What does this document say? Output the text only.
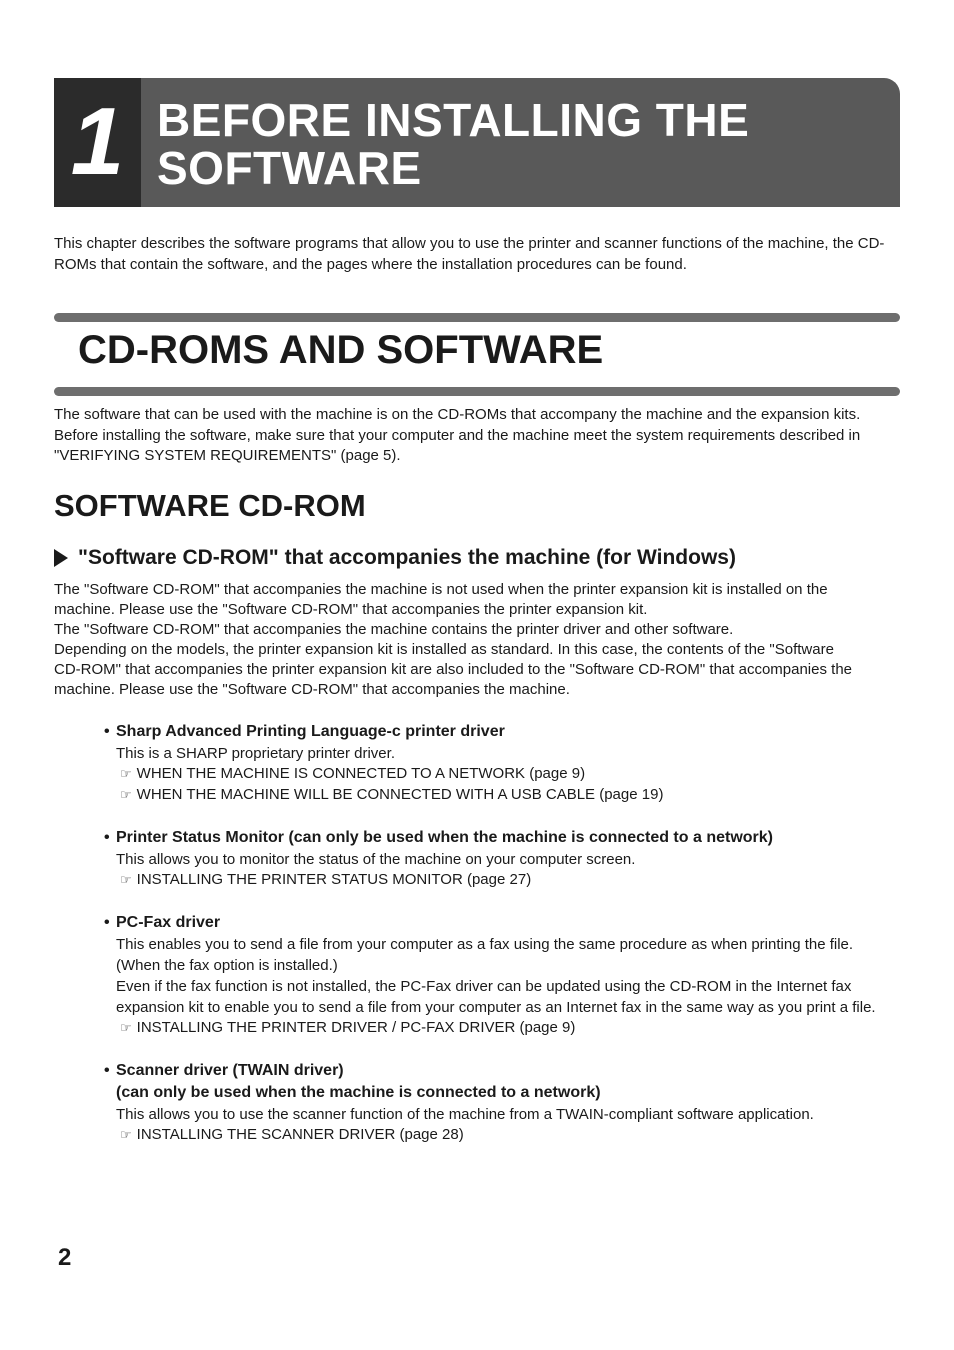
1 BEFORE INSTALLING THE
SOFTWARE

This chapter describes the software programs that allow you to use the printer and scanner functions of the machine, the CD-ROMs that contain the software, and the pages where the installation procedures can be found.

CD-ROMS AND SOFTWARE

The software that can be used with the machine is on the CD-ROMs that accompany the machine and the expansion kits. Before installing the software, make sure that your computer and the machine meet the system requirements described in "VERIFYING SYSTEM REQUIREMENTS" (page 5).

SOFTWARE CD-ROM
"Software CD-ROM" that accompanies the machine (for Windows)
The "Software CD-ROM" that accompanies the machine is not used when the printer expansion kit is installed on the
machine. Please use the "Software CD-ROM" that accompanies the printer expansion kit.
The "Software CD-ROM" that accompanies the machine contains the printer driver and other software.
Depending on the models, the printer expansion kit is installed as standard. In this case, the contents of the "Software
CD-ROM" that accompanies the printer expansion kit are also included to the "Software CD-ROM" that accompanies the
machine. Please use the "Software CD-ROM" that accompanies the machine.
• Sharp Advanced Printing Language-c printer driver
This is a SHARP proprietary printer driver.
☞ WHEN THE MACHINE IS CONNECTED TO A NETWORK (page 9)
☞ WHEN THE MACHINE WILL BE CONNECTED WITH A USB CABLE (page 19)
• Printer Status Monitor (can only be used when the machine is connected to a network)
This allows you to monitor the status of the machine on your computer screen.
☞ INSTALLING THE PRINTER STATUS MONITOR (page 27)
• PC-Fax driver
This enables you to send a file from your computer as a fax using the same procedure as when printing the file.
(When the fax option is installed.)
Even if the fax function is not installed, the PC-Fax driver can be updated using the CD-ROM in the Internet fax
expansion kit to enable you to send a file from your computer as an Internet fax in the same way as you print a file.
☞ INSTALLING THE PRINTER DRIVER / PC-FAX DRIVER (page 9)
• Scanner driver (TWAIN driver)
(can only be used when the machine is connected to a network)
This allows you to use the scanner function of the machine from a TWAIN-compliant software application.
☞ INSTALLING THE SCANNER DRIVER (page 28)
2
